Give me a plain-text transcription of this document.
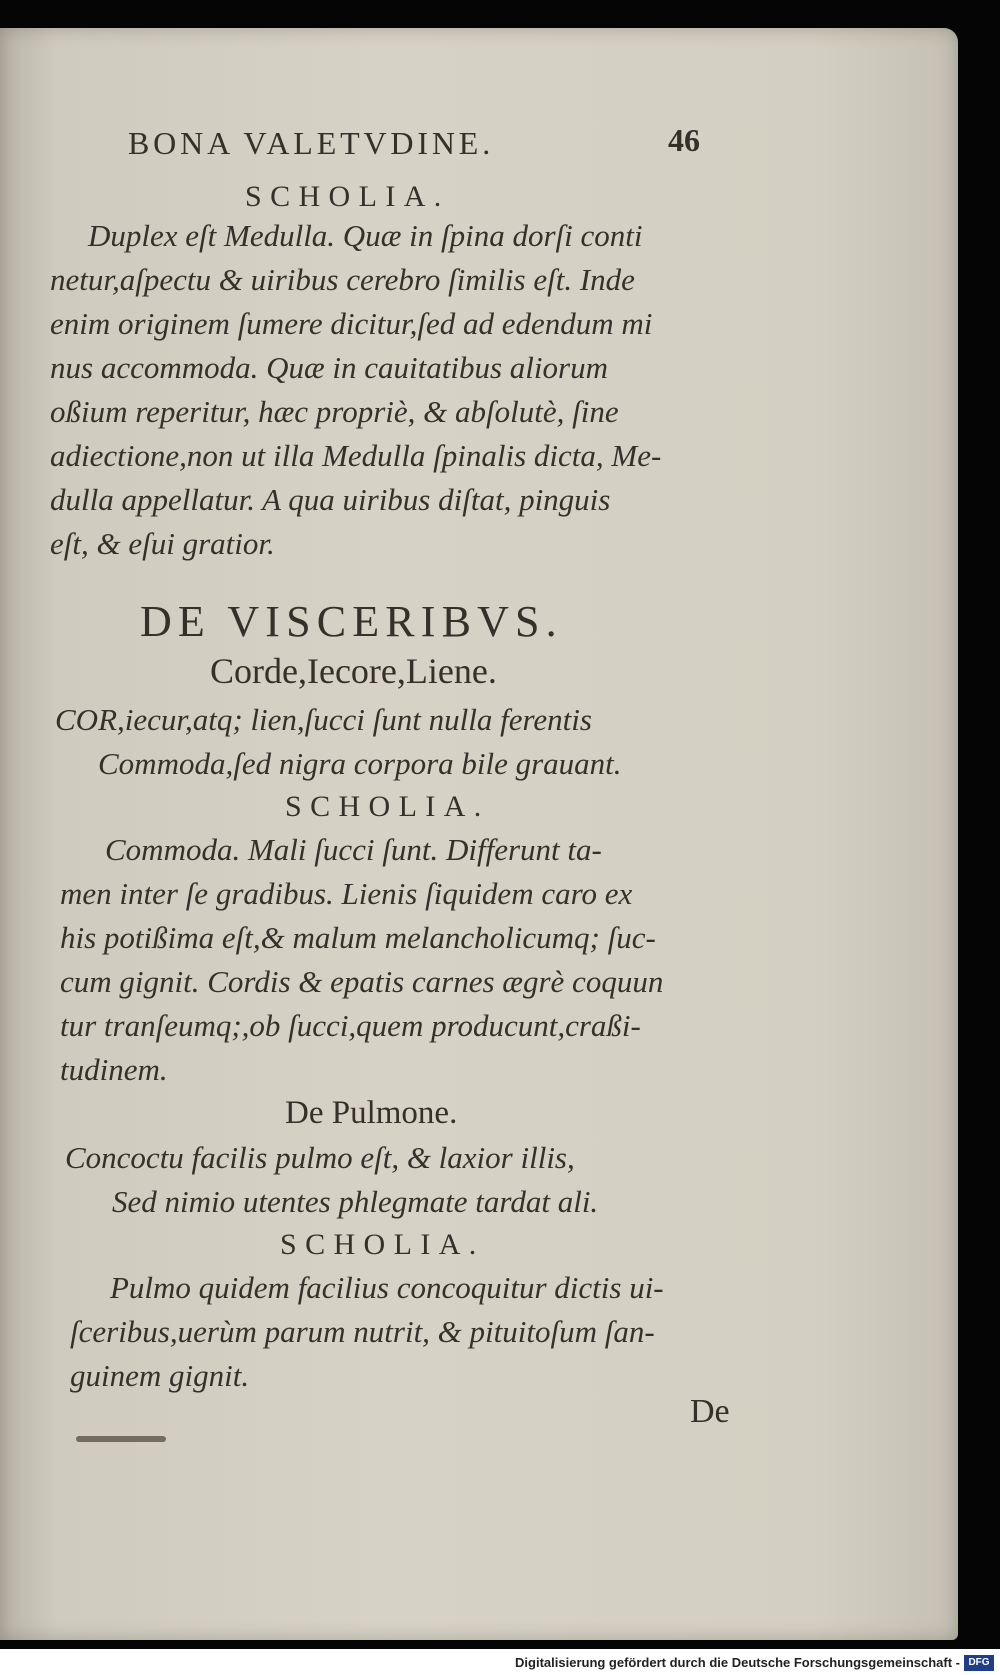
BONA VALETVDINE.	46
SCHOLIA.
Duplex eſt Medulla. Quæ in ſpina dorſi conti
netur,aſpectu & uiribus cerebro ſimilis eſt. Inde
enim originem ſumere dicitur,ſed ad edendum mi
nus accommoda. Quæ in cauitatibus aliorum
oßium reperitur, hæc propriè, & abſolutè, ſine
adiectione,non ut illa Medulla ſpinalis dicta, Me-
dulla appellatur. A qua uiribus diſtat, pinguis
eſt, & eſui gratior.
DE VISCERIBVS.
Corde,Iecore,Liene.
COR,iecur,atq; lien,ſucci ſunt nulla ferentis
Commoda,ſed nigra corpora bile grauant.
SCHOLIA.
Commoda. Mali ſucci ſunt. Differunt ta-
men inter ſe gradibus. Lienis ſiquidem caro ex
his potißima eſt,& malum melancholicumq; ſuc-
cum gignit. Cordis & epatis carnes ægrè coquun
tur tranſeumq;,ob ſucci,quem producunt,craßi-
tudinem.
De Pulmone.
Concoctu facilis pulmo eſt, & laxior illis,
Sed nimio utentes phlegmate tardat ali.
SCHOLIA.
Pulmo quidem facilius concoquitur dictis ui-
ſceribus,uerùm parum nutrit, & pituitoſum ſan-
guinem gignit.
De
Digitalisierung gefördert durch die Deutsche Forschungsgemeinschaft - DFG
